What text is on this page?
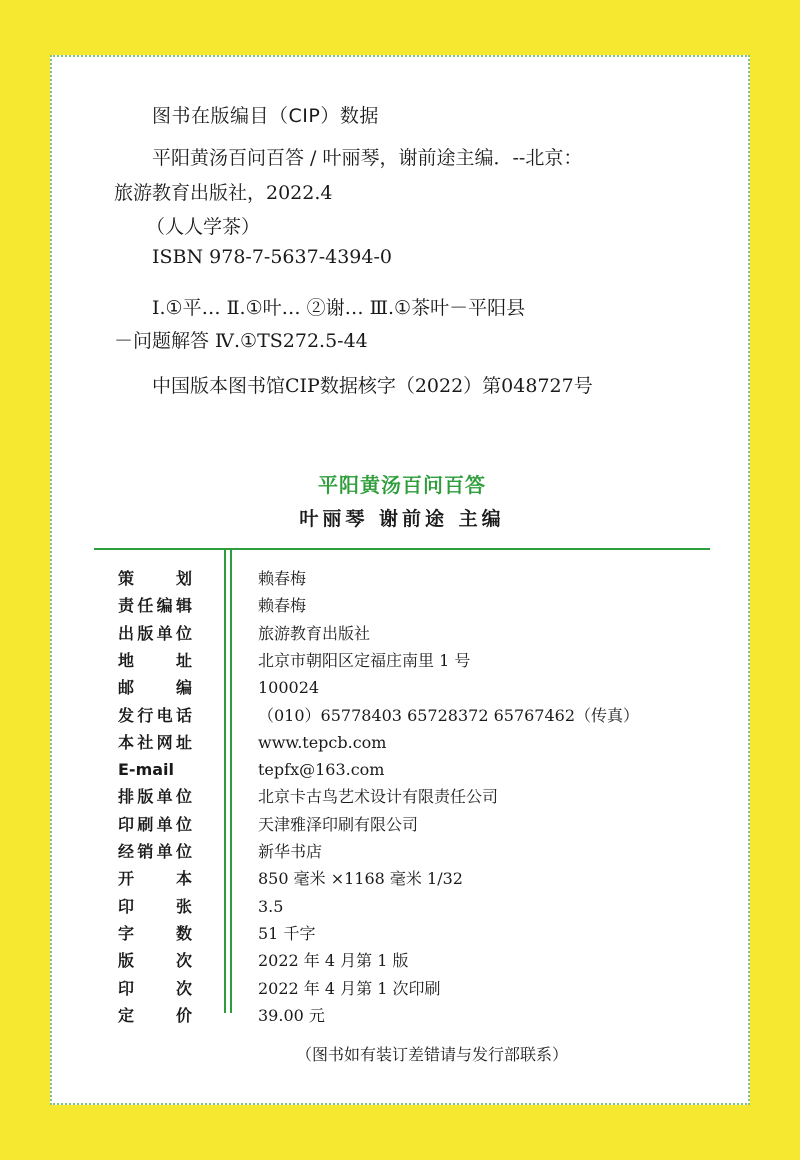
图书在版编目（CIP）数据
平阳黄汤百问百答 / 叶丽琴，谢前途主编．--北京：
旅游教育出版社，2022.4
（人人学茶）
ISBN 978-7-5637-4394-0
Ⅰ.①平… Ⅱ.①叶… ②谢… Ⅲ.①茶叶－平阳县
－问题解答 Ⅳ.①TS272.5-44
中国版本图书馆CIP数据核字（2022）第048727号
平阳黄汤百问百答
叶丽琴 谢前途 主编
策划	赖春梅
责任编辑	赖春梅
出版单位	旅游教育出版社
地址	北京市朝阳区定福庄南里 1 号
邮编	100024
发行电话	（010）65778403 65728372 65767462（传真）
本社网址	www.tepcb.com
E-mail	tepfx@163.com
排版单位	北京卡古鸟艺术设计有限责任公司
印刷单位	天津雅泽印刷有限公司
经销单位	新华书店
开本	850 毫米 ×1168 毫米 1/32
印张	3.5
字数	51 千字
版次	2022 年 4 月第 1 版
印次	2022 年 4 月第 1 次印刷
定价	39.00 元
（图书如有装订差错请与发行部联系）
